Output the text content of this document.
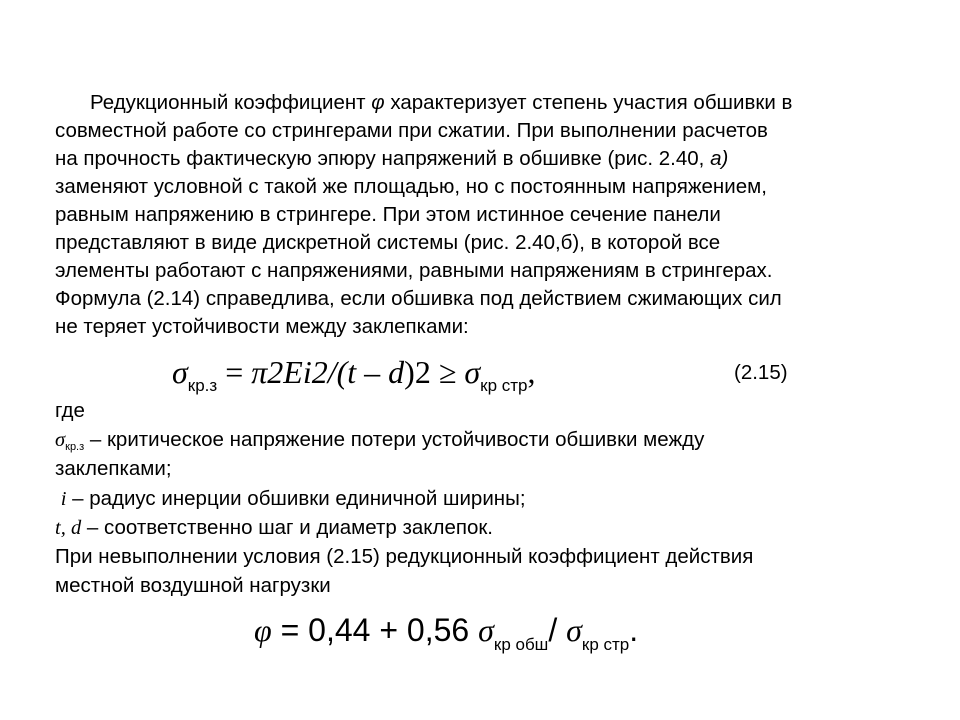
Редукционный коэффициент φ характеризует степень участия обшивки в
совместной работе со стрингерами при сжатии. При выполнении расчетов
на прочность фактическую эпюру напряжений в обшивке (рис. 2.40, а)
заменяют условной с такой же площадью, но с постоянным напряжением,
равным напряжению в стрингере. При этом истинное сечение панели
представляют в виде дискретной системы (рис. 2.40,б), в которой все
элементы работают с напряжениями, равными напряжениям в стрингерах.
Формула (2.14) справедлива, если обшивка под действием сжимающих сил
не теряет устойчивости между заклепками:
$\sigma_{кр.з} = \pi 2Ei2/(t - d)2 \ge \sigma_{кр стр}$,	(2.15)
где
$\sigma_{кр.з}$ – критическое напряжение потери устойчивости обшивки между
заклепками;
i – радиус инерции обшивки единичной ширины;
t, d – соответственно шаг и диаметр заклепок.
При невыполнении условия (2.15) редукционный коэффициент действия
местной воздушной нагрузки
φ = 0,44 + 0,56 $\sigma_{кр обш}/$ $\sigma_{кр стр}$.
